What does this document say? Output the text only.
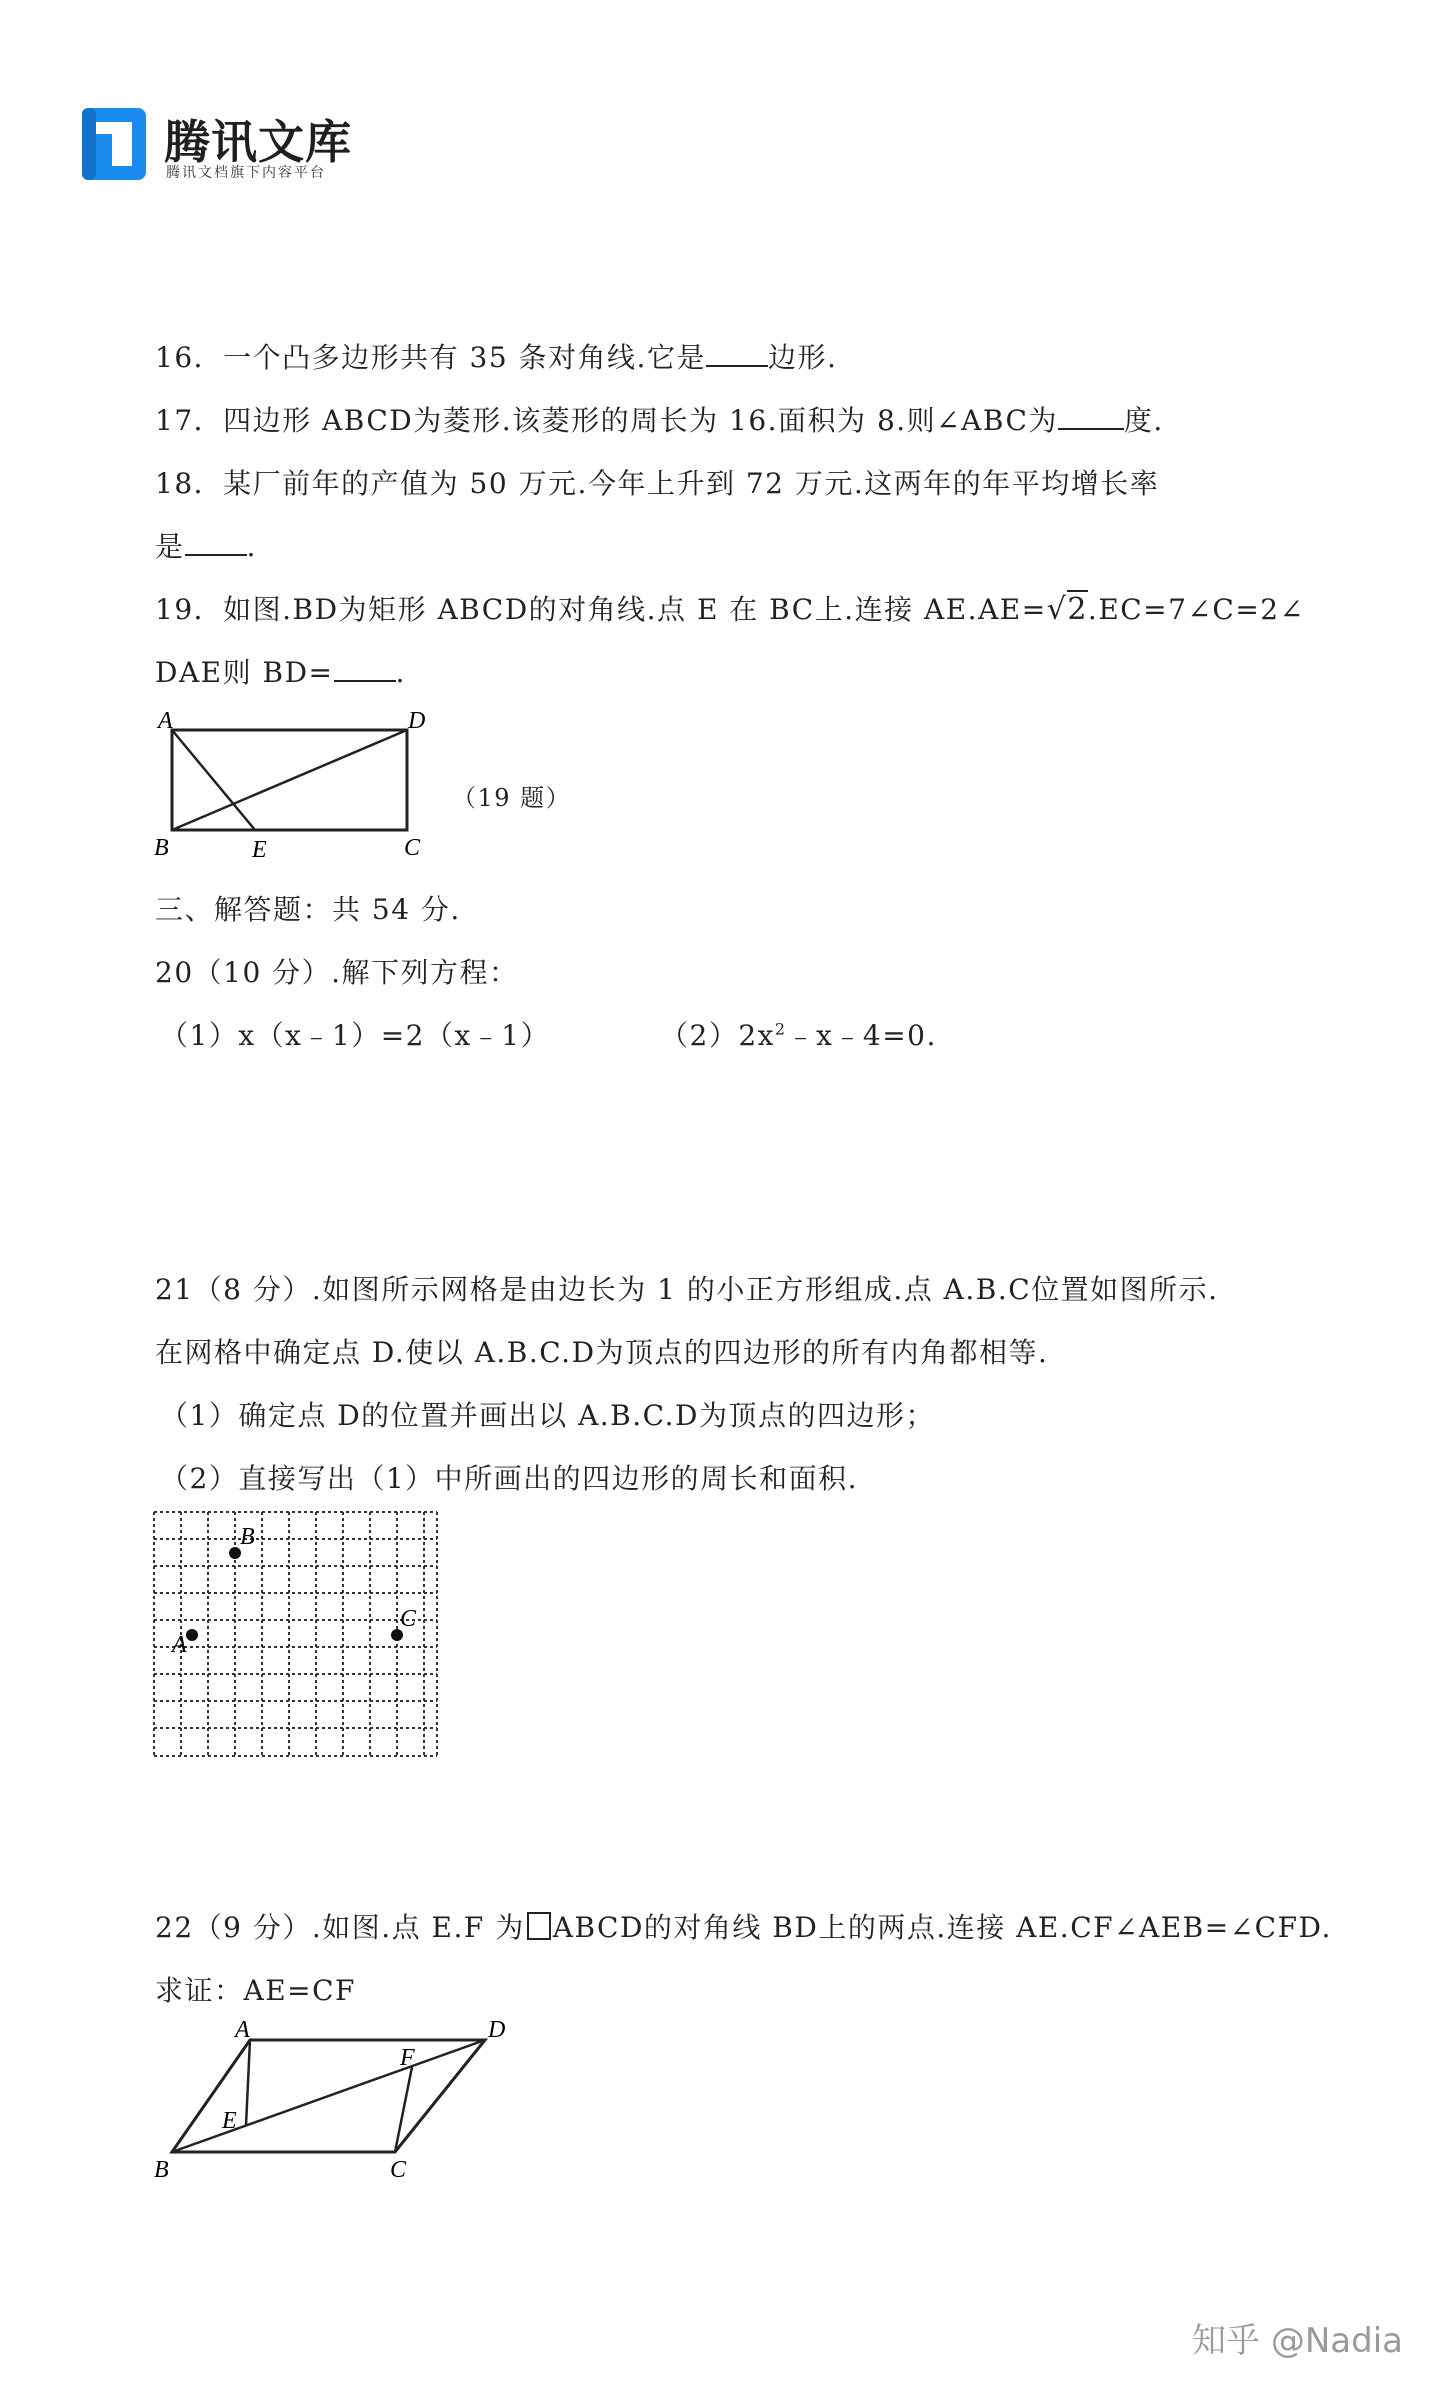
腾讯文库
腾讯文档旗下内容平台
16．一个凸多边形共有 35 条对角线.它是 边形.
17．四边形 ABCD为菱形.该菱形的周长为 16.面积为 8.则∠ABC为 度.
18．某厂前年的产值为 50 万元.今年上升到 72 万元.这两年的年平均增长率
是 .
19．如图.BD为矩形 ABCD的对角线.点 E 在 BC上.连接 AE.AE=√2.EC=7∠C=2∠
DAE则 BD= .
A	D
B	E	C
（19 题）
三、解答题：共 54 分.
20（10 分）.解下列方程：
（1）x（x﹣1）=2（x﹣1）	$(2)2x^2﹣x﹣4=0$.
21（8 分）.如图所示网格是由边长为 1 的小正方形组成.点 A.B.C位置如图所示.
在网格中确定点 D.使以 A.B.C.D为顶点的四边形的所有内角都相等.
（1）确定点 D的位置并画出以 A.B.C.D为顶点的四边形；
（2）直接写出（1）中所画出的四边形的周长和面积.
B
A
C
22（9 分）.如图.点 E.F 为 ABCD的对角线 BD上的两点.连接 AE.CF∠AEB=∠CFD.
求证：AE=CF
A	D
F
E
B	C
知乎 @Nadia
